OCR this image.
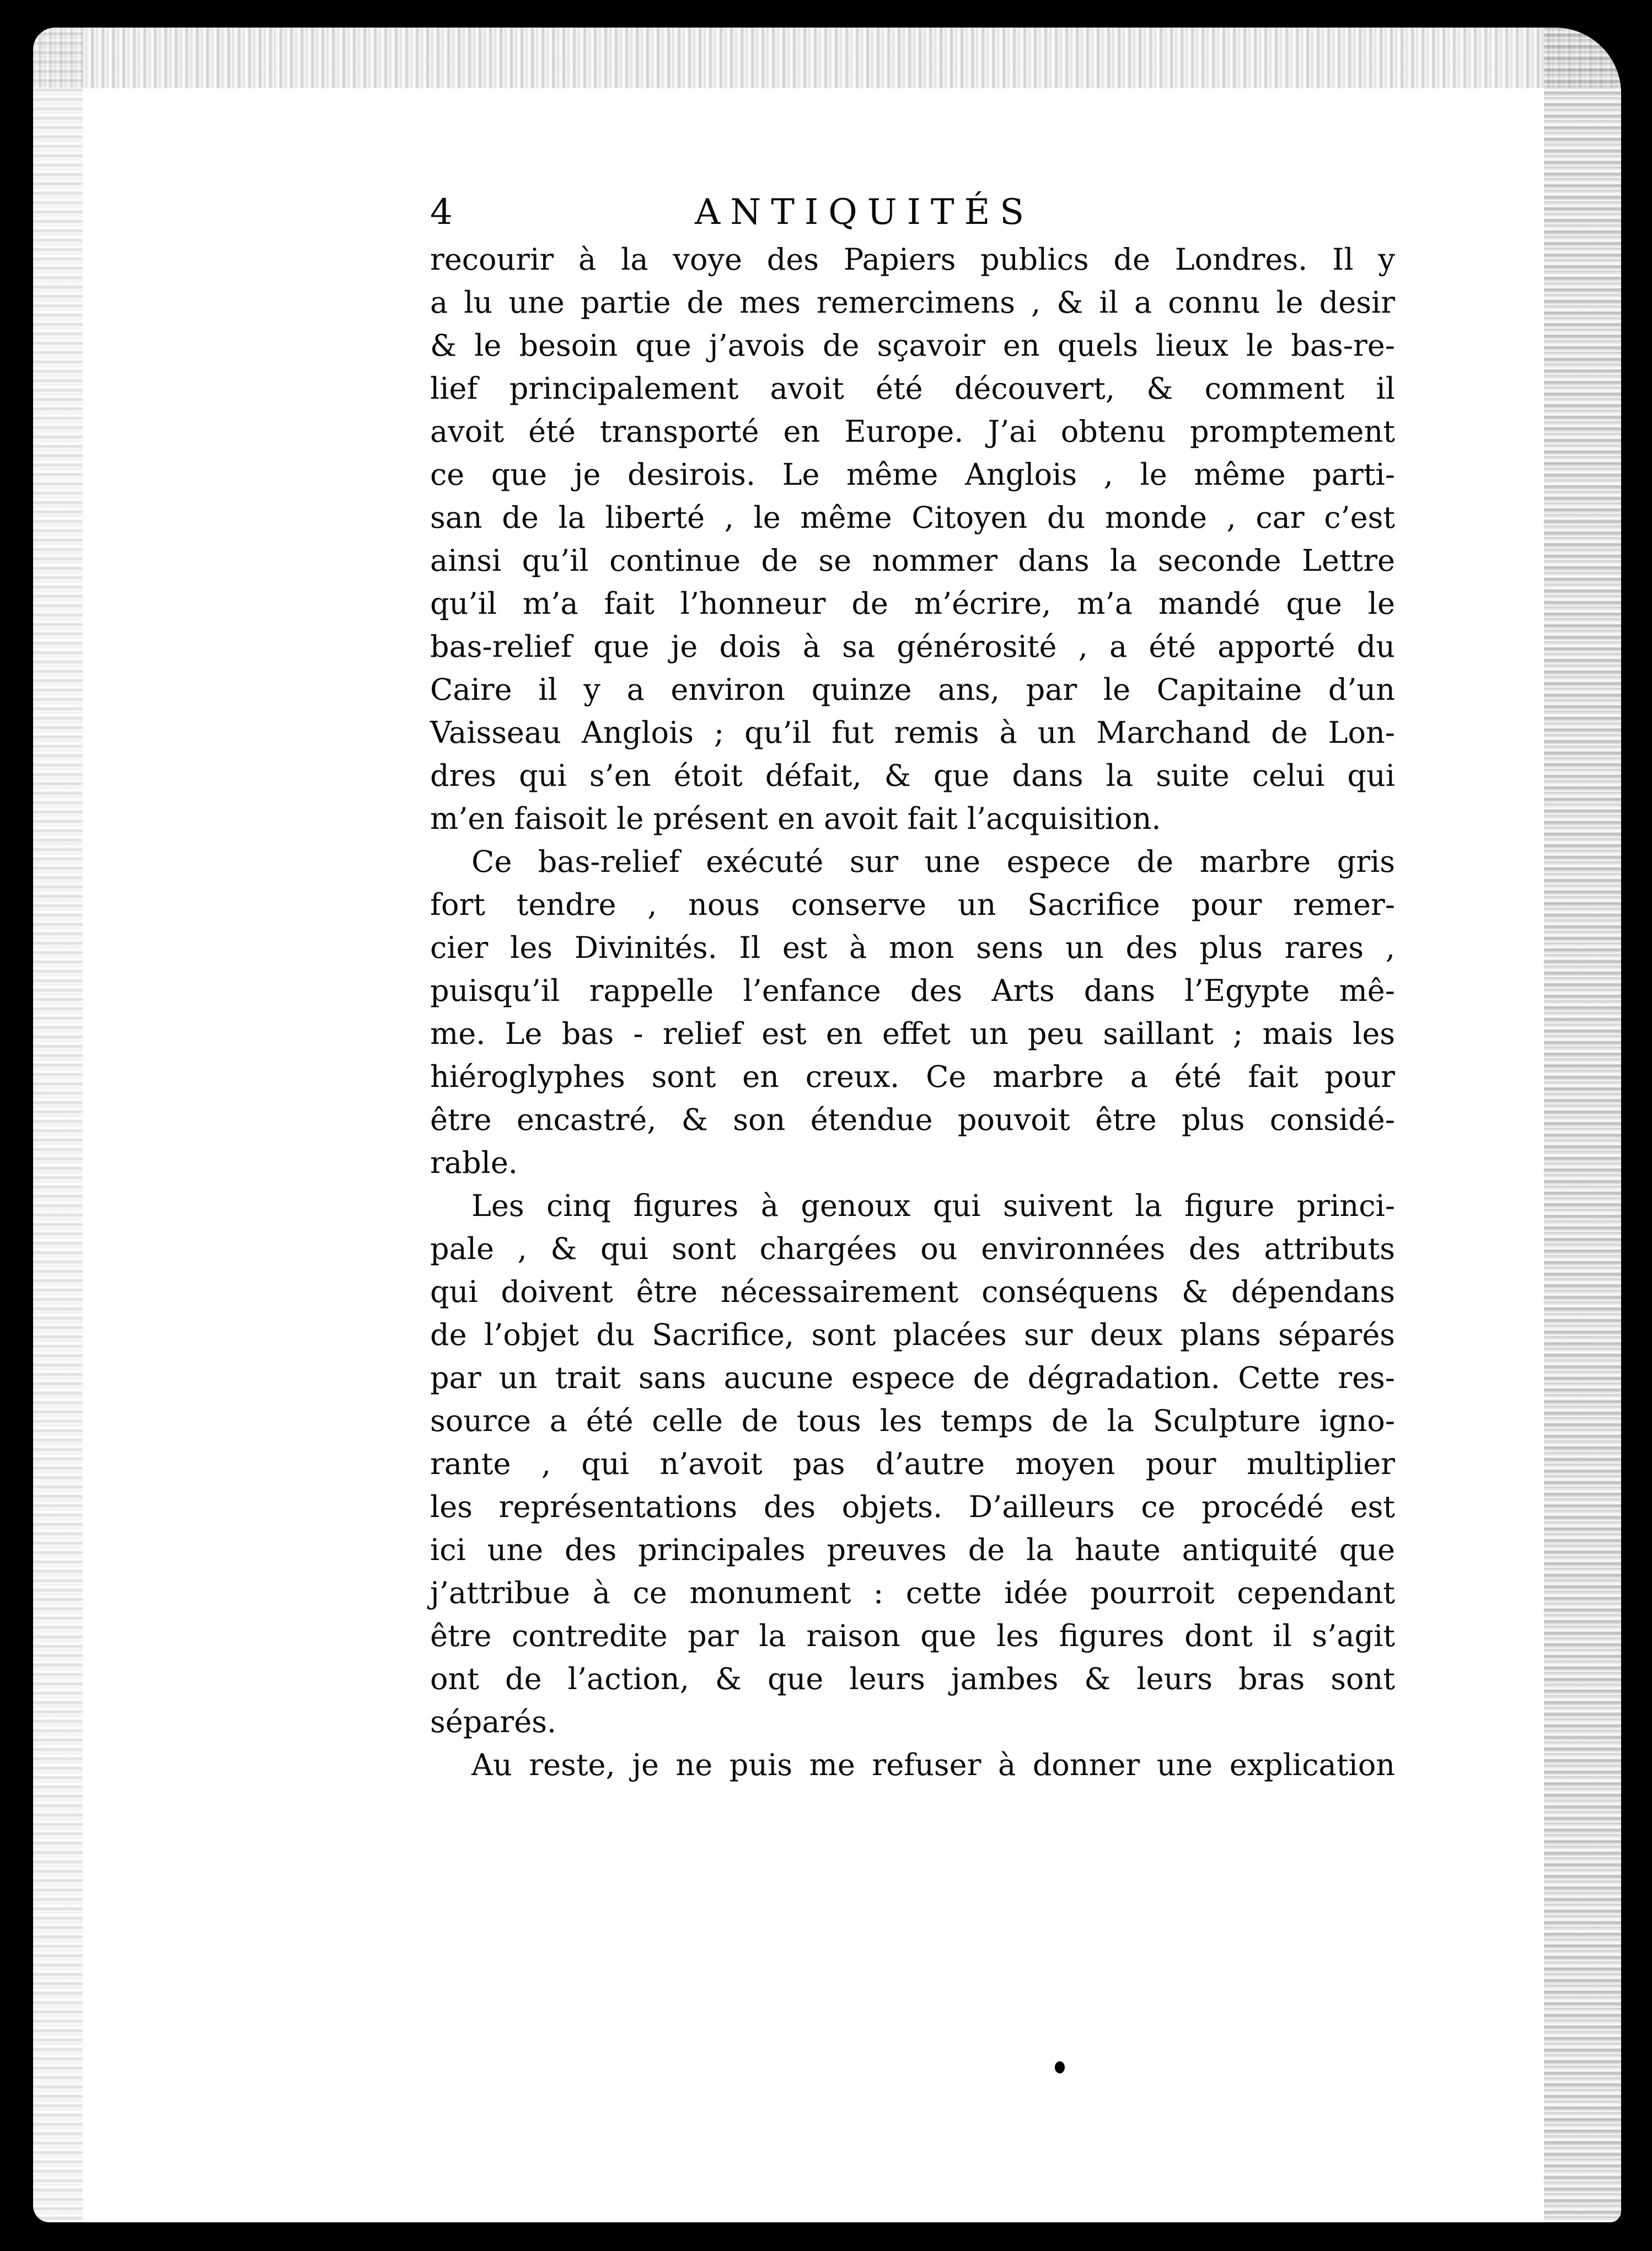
4	ANTIQUITÉS
recourir à la voye des Papiers publics de Londres. Il y
a lu une partie de mes remercimens , & il a connu le desir
& le besoin que j’avois de sçavoir en quels lieux le bas-re-
lief principalement avoit été découvert, & comment il
avoit été transporté en Europe. J’ai obtenu promptement
ce que je desirois. Le même Anglois , le même parti-
san de la liberté , le même Citoyen du monde , car c’est
ainsi qu’il continue de se nommer dans la seconde Lettre
qu’il m’a fait l’honneur de m’écrire, m’a mandé que le
bas-relief que je dois à sa générosité , a été apporté du
Caire il y a environ quinze ans, par le Capitaine d’un
Vaisseau Anglois ; qu’il fut remis à un Marchand de Lon-
dres qui s’en étoit défait, & que dans la suite celui qui
m’en faisoit le présent en avoit fait l’acquisition.
Ce bas-relief exécuté sur une espece de marbre gris
fort tendre , nous conserve un Sacrifice pour remer-
cier les Divinités. Il est à mon sens un des plus rares ,
puisqu’il rappelle l’enfance des Arts dans l’Egypte mê-
me. Le bas - relief est en effet un peu saillant ; mais les
hiéroglyphes sont en creux. Ce marbre a été fait pour
être encastré, & son étendue pouvoit être plus considé-
rable.
Les cinq figures à genoux qui suivent la figure princi-
pale , & qui sont chargées ou environnées des attributs
qui doivent être nécessairement conséquens & dépendans
de l’objet du Sacrifice, sont placées sur deux plans séparés
par un trait sans aucune espece de dégradation. Cette res-
source a été celle de tous les temps de la Sculpture igno-
rante , qui n’avoit pas d’autre moyen pour multiplier
les représentations des objets. D’ailleurs ce procédé est
ici une des principales preuves de la haute antiquité que
j’attribue à ce monument : cette idée pourroit cependant
être contredite par la raison que les figures dont il s’agit
ont de l’action, & que leurs jambes & leurs bras sont
séparés.
Au reste, je ne puis me refuser à donner une explication
